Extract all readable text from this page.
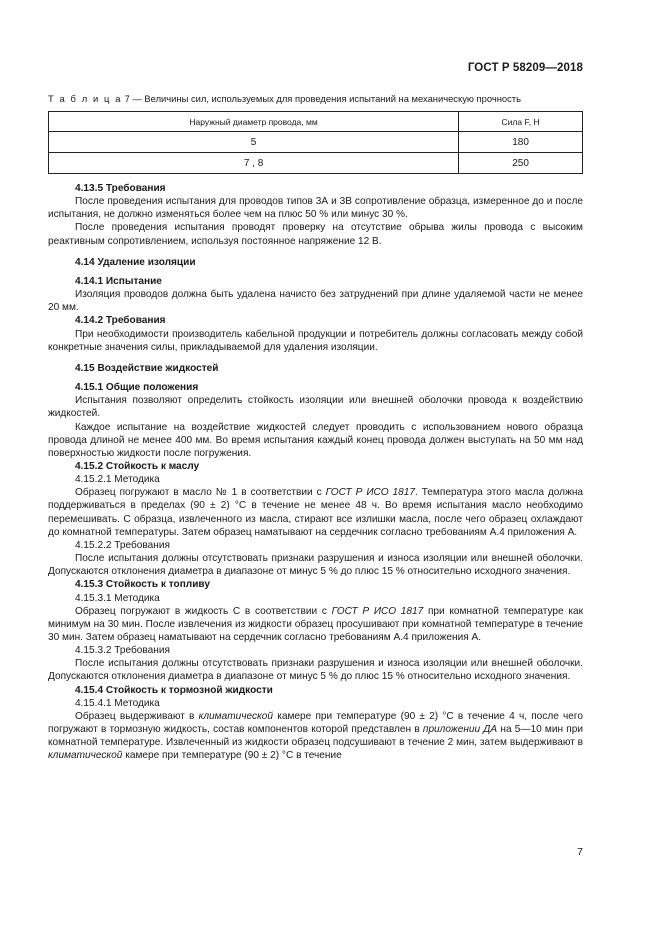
ГОСТ Р 58209—2018
Т а б л и ц а 7 — Величины сил, используемых для проведения испытаний на механическую прочность
Наружный диаметр провода, мм	Сила F, Н
5	180
7 , 8	250

4.13.5 Требования

После проведения испытания для проводов типов 3А и 3В сопротивление образца, измеренное до и после испытания, не должно изменяться более чем на плюс 50 % или минус 30 %.

После проведения испытания проводят проверку на отсутствие обрыва жилы провода с высоким реактивным сопротивлением, используя постоянное напряжение 12 В.

4.14 Удаление изоляции

4.14.1 Испытание

Изоляция проводов должна быть удалена начисто без затруднений при длине удаляемой части не менее 20 мм.

4.14.2 Требования

При необходимости производитель кабельной продукции и потребитель должны согласовать между собой конкретные значения силы, прикладываемой для удаления изоляции.

4.15 Воздействие жидкостей

4.15.1 Общие положения

Испытания позволяют определить стойкость изоляции или внешней оболочки провода к воздействию жидкостей.

Каждое испытание на воздействие жидкостей следует проводить с использованием нового образца провода длиной не менее 400 мм. Во время испытания каждый конец провода должен выступать на 50 мм над поверхностью жидкости после погружения.

4.15.2 Стойкость к маслу

4.15.2.1 Методика

Образец погружают в масло № 1 в соответствии с ГОСТ Р ИСО 1817. Температура этого масла должна поддерживаться в пределах (90 ± 2) °С в течение не менее 48 ч. Во время испытания масло необходимо перемешивать. С образца, извлеченного из масла, стирают все излишки масла, после чего образец охлаждают до комнатной температуры. Затем образец наматывают на сердечник согласно требованиям А.4 приложения А.

4.15.2.2 Требования

После испытания должны отсутствовать признаки разрушения и износа изоляции или внешней оболочки. Допускаются отклонения диаметра в диапазоне от минус 5 % до плюс 15 % относительно исходного значения.

4.15.3 Стойкость к топливу

4.15.3.1 Методика

Образец погружают в жидкость С в соответствии с ГОСТ Р ИСО 1817 при комнатной температуре как минимум на 30 мин. После извлечения из жидкости образец просушивают при комнатной температуре в течение 30 мин. Затем образец наматывают на сердечник согласно требованиям А.4 приложения А.

4.15.3.2 Требования

После испытания должны отсутствовать признаки разрушения и износа изоляции или внешней оболочки. Допускаются отклонения диаметра в диапазоне от минус 5 % до плюс 15 % относительно исходного значения.

4.15.4 Стойкость к тормозной жидкости

4.15.4.1 Методика

Образец выдерживают в климатической камере при температуре (90 ± 2) °С в течение 4 ч, после чего погружают в тормозную жидкость, состав компонентов которой представлен в приложении ДА на 5—10 мин при комнатной температуре. Извлеченный из жидкости образец подсушивают в течение 2 мин, затем выдерживают в климатической камере при температуре (90 ± 2) °С в течение

7
